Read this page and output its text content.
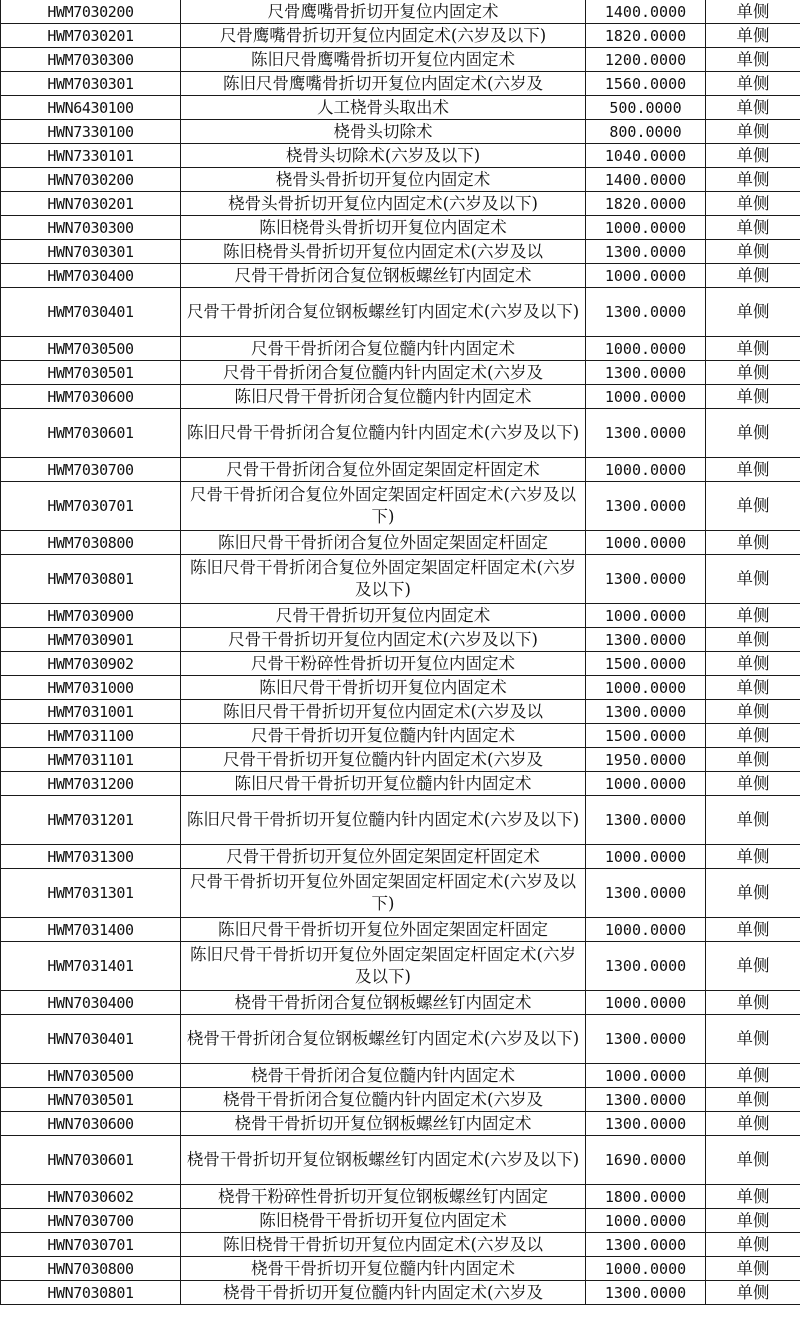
HWM7030200	尺骨鹰嘴骨折切开复位内固定术	1400.0000	单侧
HWM7030201	尺骨鹰嘴骨折切开复位内固定术(六岁及以下)	1820.0000	单侧
HWM7030300	陈旧尺骨鹰嘴骨折切开复位内固定术	1200.0000	单侧
HWM7030301	陈旧尺骨鹰嘴骨折切开复位内固定术(六岁及	1560.0000	单侧
HWN6430100	人工桡骨头取出术	500.0000	单侧
HWN7330100	桡骨头切除术	800.0000	单侧
HWN7330101	桡骨头切除术(六岁及以下)	1040.0000	单侧
HWN7030200	桡骨头骨折切开复位内固定术	1400.0000	单侧
HWN7030201	桡骨头骨折切开复位内固定术(六岁及以下)	1820.0000	单侧
HWN7030300	陈旧桡骨头骨折切开复位内固定术	1000.0000	单侧
HWN7030301	陈旧桡骨头骨折切开复位内固定术(六岁及以	1300.0000	单侧
HWM7030400	尺骨干骨折闭合复位钢板螺丝钉内固定术	1000.0000	单侧
HWM7030401	尺骨干骨折闭合复位钢板螺丝钉内固定术(六岁及以下)	1300.0000	单侧
HWM7030500	尺骨干骨折闭合复位髓内针内固定术	1000.0000	单侧
HWM7030501	尺骨干骨折闭合复位髓内针内固定术(六岁及	1300.0000	单侧
HWM7030600	陈旧尺骨干骨折闭合复位髓内针内固定术	1000.0000	单侧
HWM7030601	陈旧尺骨干骨折闭合复位髓内针内固定术(六岁及以下)	1300.0000	单侧
HWM7030700	尺骨干骨折闭合复位外固定架固定杆固定术	1000.0000	单侧
HWM7030701	尺骨干骨折闭合复位外固定架固定杆固定术(六岁及以下)	1300.0000	单侧
HWM7030800	陈旧尺骨干骨折闭合复位外固定架固定杆固定	1000.0000	单侧
HWM7030801	陈旧尺骨干骨折闭合复位外固定架固定杆固定术(六岁及以下)	1300.0000	单侧
HWM7030900	尺骨干骨折切开复位内固定术	1000.0000	单侧
HWM7030901	尺骨干骨折切开复位内固定术(六岁及以下)	1300.0000	单侧
HWM7030902	尺骨干粉碎性骨折切开复位内固定术	1500.0000	单侧
HWM7031000	陈旧尺骨干骨折切开复位内固定术	1000.0000	单侧
HWM7031001	陈旧尺骨干骨折切开复位内固定术(六岁及以	1300.0000	单侧
HWM7031100	尺骨干骨折切开复位髓内针内固定术	1500.0000	单侧
HWM7031101	尺骨干骨折切开复位髓内针内固定术(六岁及	1950.0000	单侧
HWM7031200	陈旧尺骨干骨折切开复位髓内针内固定术	1000.0000	单侧
HWM7031201	陈旧尺骨干骨折切开复位髓内针内固定术(六岁及以下)	1300.0000	单侧
HWM7031300	尺骨干骨折切开复位外固定架固定杆固定术	1000.0000	单侧
HWM7031301	尺骨干骨折切开复位外固定架固定杆固定术(六岁及以下)	1300.0000	单侧
HWM7031400	陈旧尺骨干骨折切开复位外固定架固定杆固定	1000.0000	单侧
HWM7031401	陈旧尺骨干骨折切开复位外固定架固定杆固定术(六岁及以下)	1300.0000	单侧
HWN7030400	桡骨干骨折闭合复位钢板螺丝钉内固定术	1000.0000	单侧
HWN7030401	桡骨干骨折闭合复位钢板螺丝钉内固定术(六岁及以下)	1300.0000	单侧
HWN7030500	桡骨干骨折闭合复位髓内针内固定术	1000.0000	单侧
HWN7030501	桡骨干骨折闭合复位髓内针内固定术(六岁及	1300.0000	单侧
HWN7030600	桡骨干骨折切开复位钢板螺丝钉内固定术	1300.0000	单侧
HWN7030601	桡骨干骨折切开复位钢板螺丝钉内固定术(六岁及以下)	1690.0000	单侧
HWN7030602	桡骨干粉碎性骨折切开复位钢板螺丝钉内固定	1800.0000	单侧
HWN7030700	陈旧桡骨干骨折切开复位内固定术	1000.0000	单侧
HWN7030701	陈旧桡骨干骨折切开复位内固定术(六岁及以	1300.0000	单侧
HWN7030800	桡骨干骨折切开复位髓内针内固定术	1000.0000	单侧
HWN7030801	桡骨干骨折切开复位髓内针内固定术(六岁及	1300.0000	单侧
